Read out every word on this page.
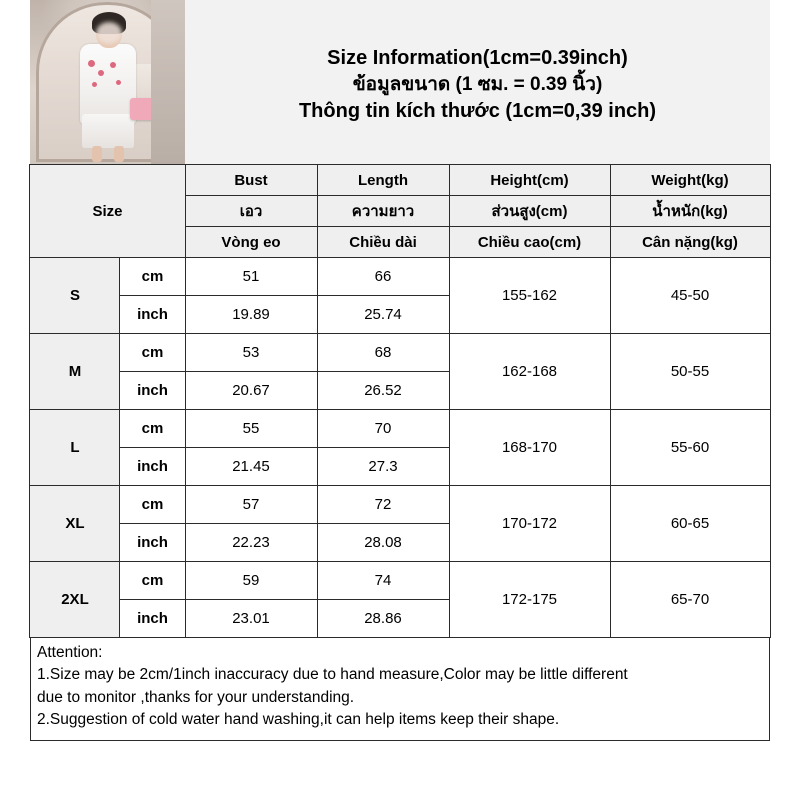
Size Information(1cm=0.39inch)
ข้อมูลขนาด (1 ซม. = 0.39 นิ้ว)
Thông tin kích thước (1cm=0,39 inch)
Size		Bust	Length	Height(cm)	Weight(kg)
		เอว	ความยาว	ส่วนสูง(cm)	น้ำหนัก(kg)
		Vòng eo	Chiều dài	Chiều cao(cm)	Cân nặng(kg)
S	cm	51	66	155-162	45-50
	inch	19.89	25.74		
M	cm	53	68	162-168	50-55
	inch	20.67	26.52		
L	cm	55	70	168-170	55-60
	inch	21.45	27.3		
XL	cm	57	72	170-172	60-65
	inch	22.23	28.08		
2XL	cm	59	74	172-175	65-70
	inch	23.01	28.86		
Attention:
1.Size may be 2cm/1inch inaccuracy due to hand measure,Color may be little different
due to monitor ,thanks for your understanding.
2.Suggestion of cold water hand washing,it can help items keep their shape.
